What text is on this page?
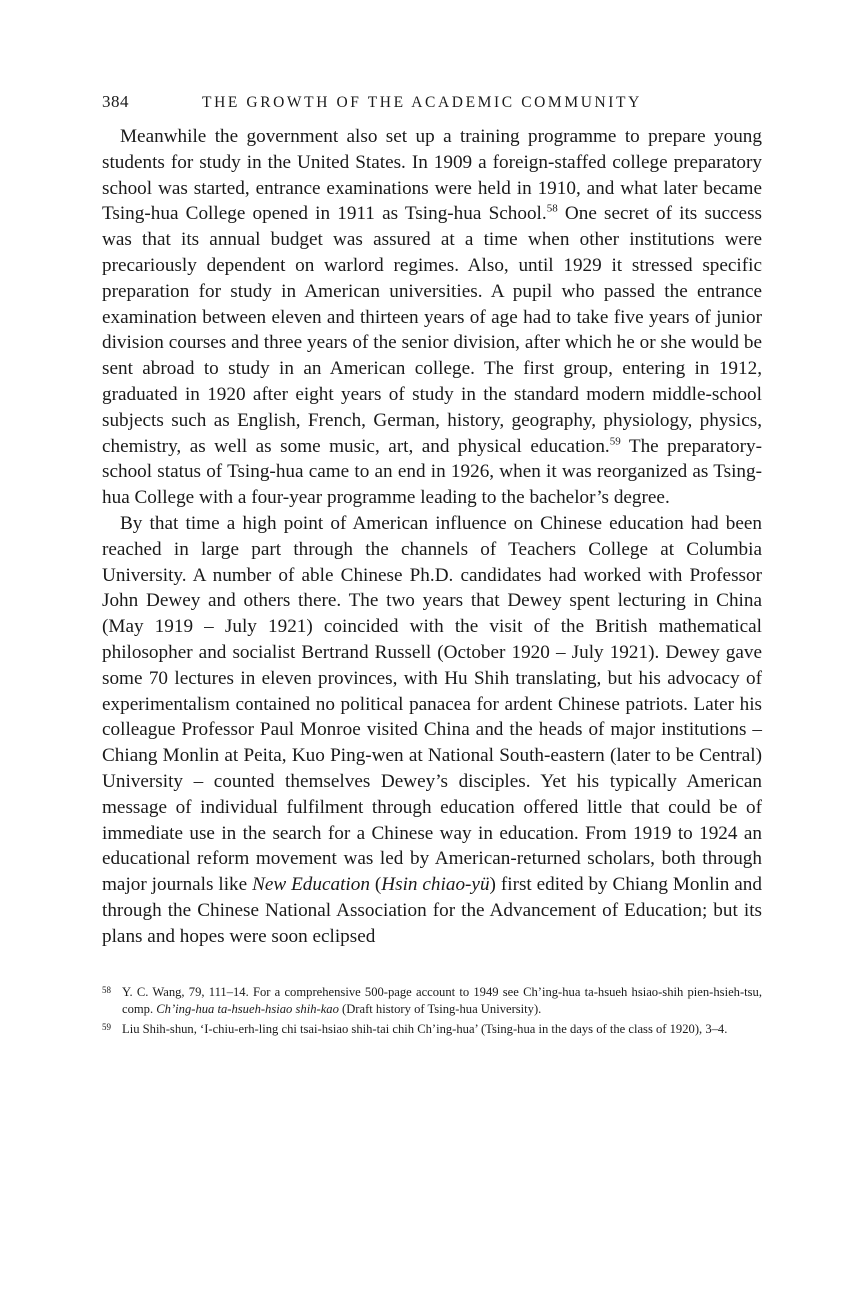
384	THE GROWTH OF THE ACADEMIC COMMUNITY

Meanwhile the government also set up a training programme to prepare young students for study in the United States. In 1909 a foreign-staffed college preparatory school was started, entrance examinations were held in 1910, and what later became Tsing-hua College opened in 1911 as Tsing-hua School.$^{58}$ One secret of its success was that its annual budget was assured at a time when other institutions were precariously dependent on warlord regimes. Also, until 1929 it stressed specific preparation for study in American universities. A pupil who passed the entrance examination between eleven and thirteen years of age had to take five years of junior division courses and three years of the senior division, after which he or she would be sent abroad to study in an American college. The first group, entering in 1912, graduated in 1920 after eight years of study in the standard modern middle-school subjects such as English, French, German, history, geography, physiology, physics, chemistry, as well as some music, art, and physical education.$^{59}$ The preparatory-school status of Tsing-hua came to an end in 1926, when it was reorganized as Tsing-hua College with a four-year programme leading to the bachelor’s degree.

By that time a high point of American influence on Chinese education had been reached in large part through the channels of Teachers College at Columbia University. A number of able Chinese Ph.D. candidates had worked with Professor John Dewey and others there. The two years that Dewey spent lecturing in China (May 1919 – July 1921) coincided with the visit of the British mathematical philosopher and socialist Bertrand Russell (October 1920 – July 1921). Dewey gave some 70 lectures in eleven provinces, with Hu Shih translating, but his advocacy of experimentalism contained no political panacea for ardent Chinese patriots. Later his colleague Professor Paul Monroe visited China and the heads of major institutions – Chiang Monlin at Peita, Kuo Ping-wen at National South-eastern (later to be Central) University – counted themselves Dewey’s disciples. Yet his typically American message of individual fulfilment through education offered little that could be of immediate use in the search for a Chinese way in education. From 1919 to 1924 an educational reform movement was led by American-returned scholars, both through major journals like New Education (Hsin chiao-yü) first edited by Chiang Monlin and through the Chinese National Association for the Advancement of Education; but its plans and hopes were soon eclipsed

58 Y. C. Wang, 79, 111–14. For a comprehensive 500-page account to 1949 see Ch’ing-hua ta-hsueh hsiao-shih pien-hsieh-tsu, comp. Ch’ing-hua ta-hsueh-hsiao shih-kao (Draft history of Tsing-hua University).

59 Liu Shih-shun, ‘I-chiu-erh-ling chi tsai-hsiao shih-tai chih Ch’ing-hua’ (Tsing-hua in the days of the class of 1920), 3–4.
